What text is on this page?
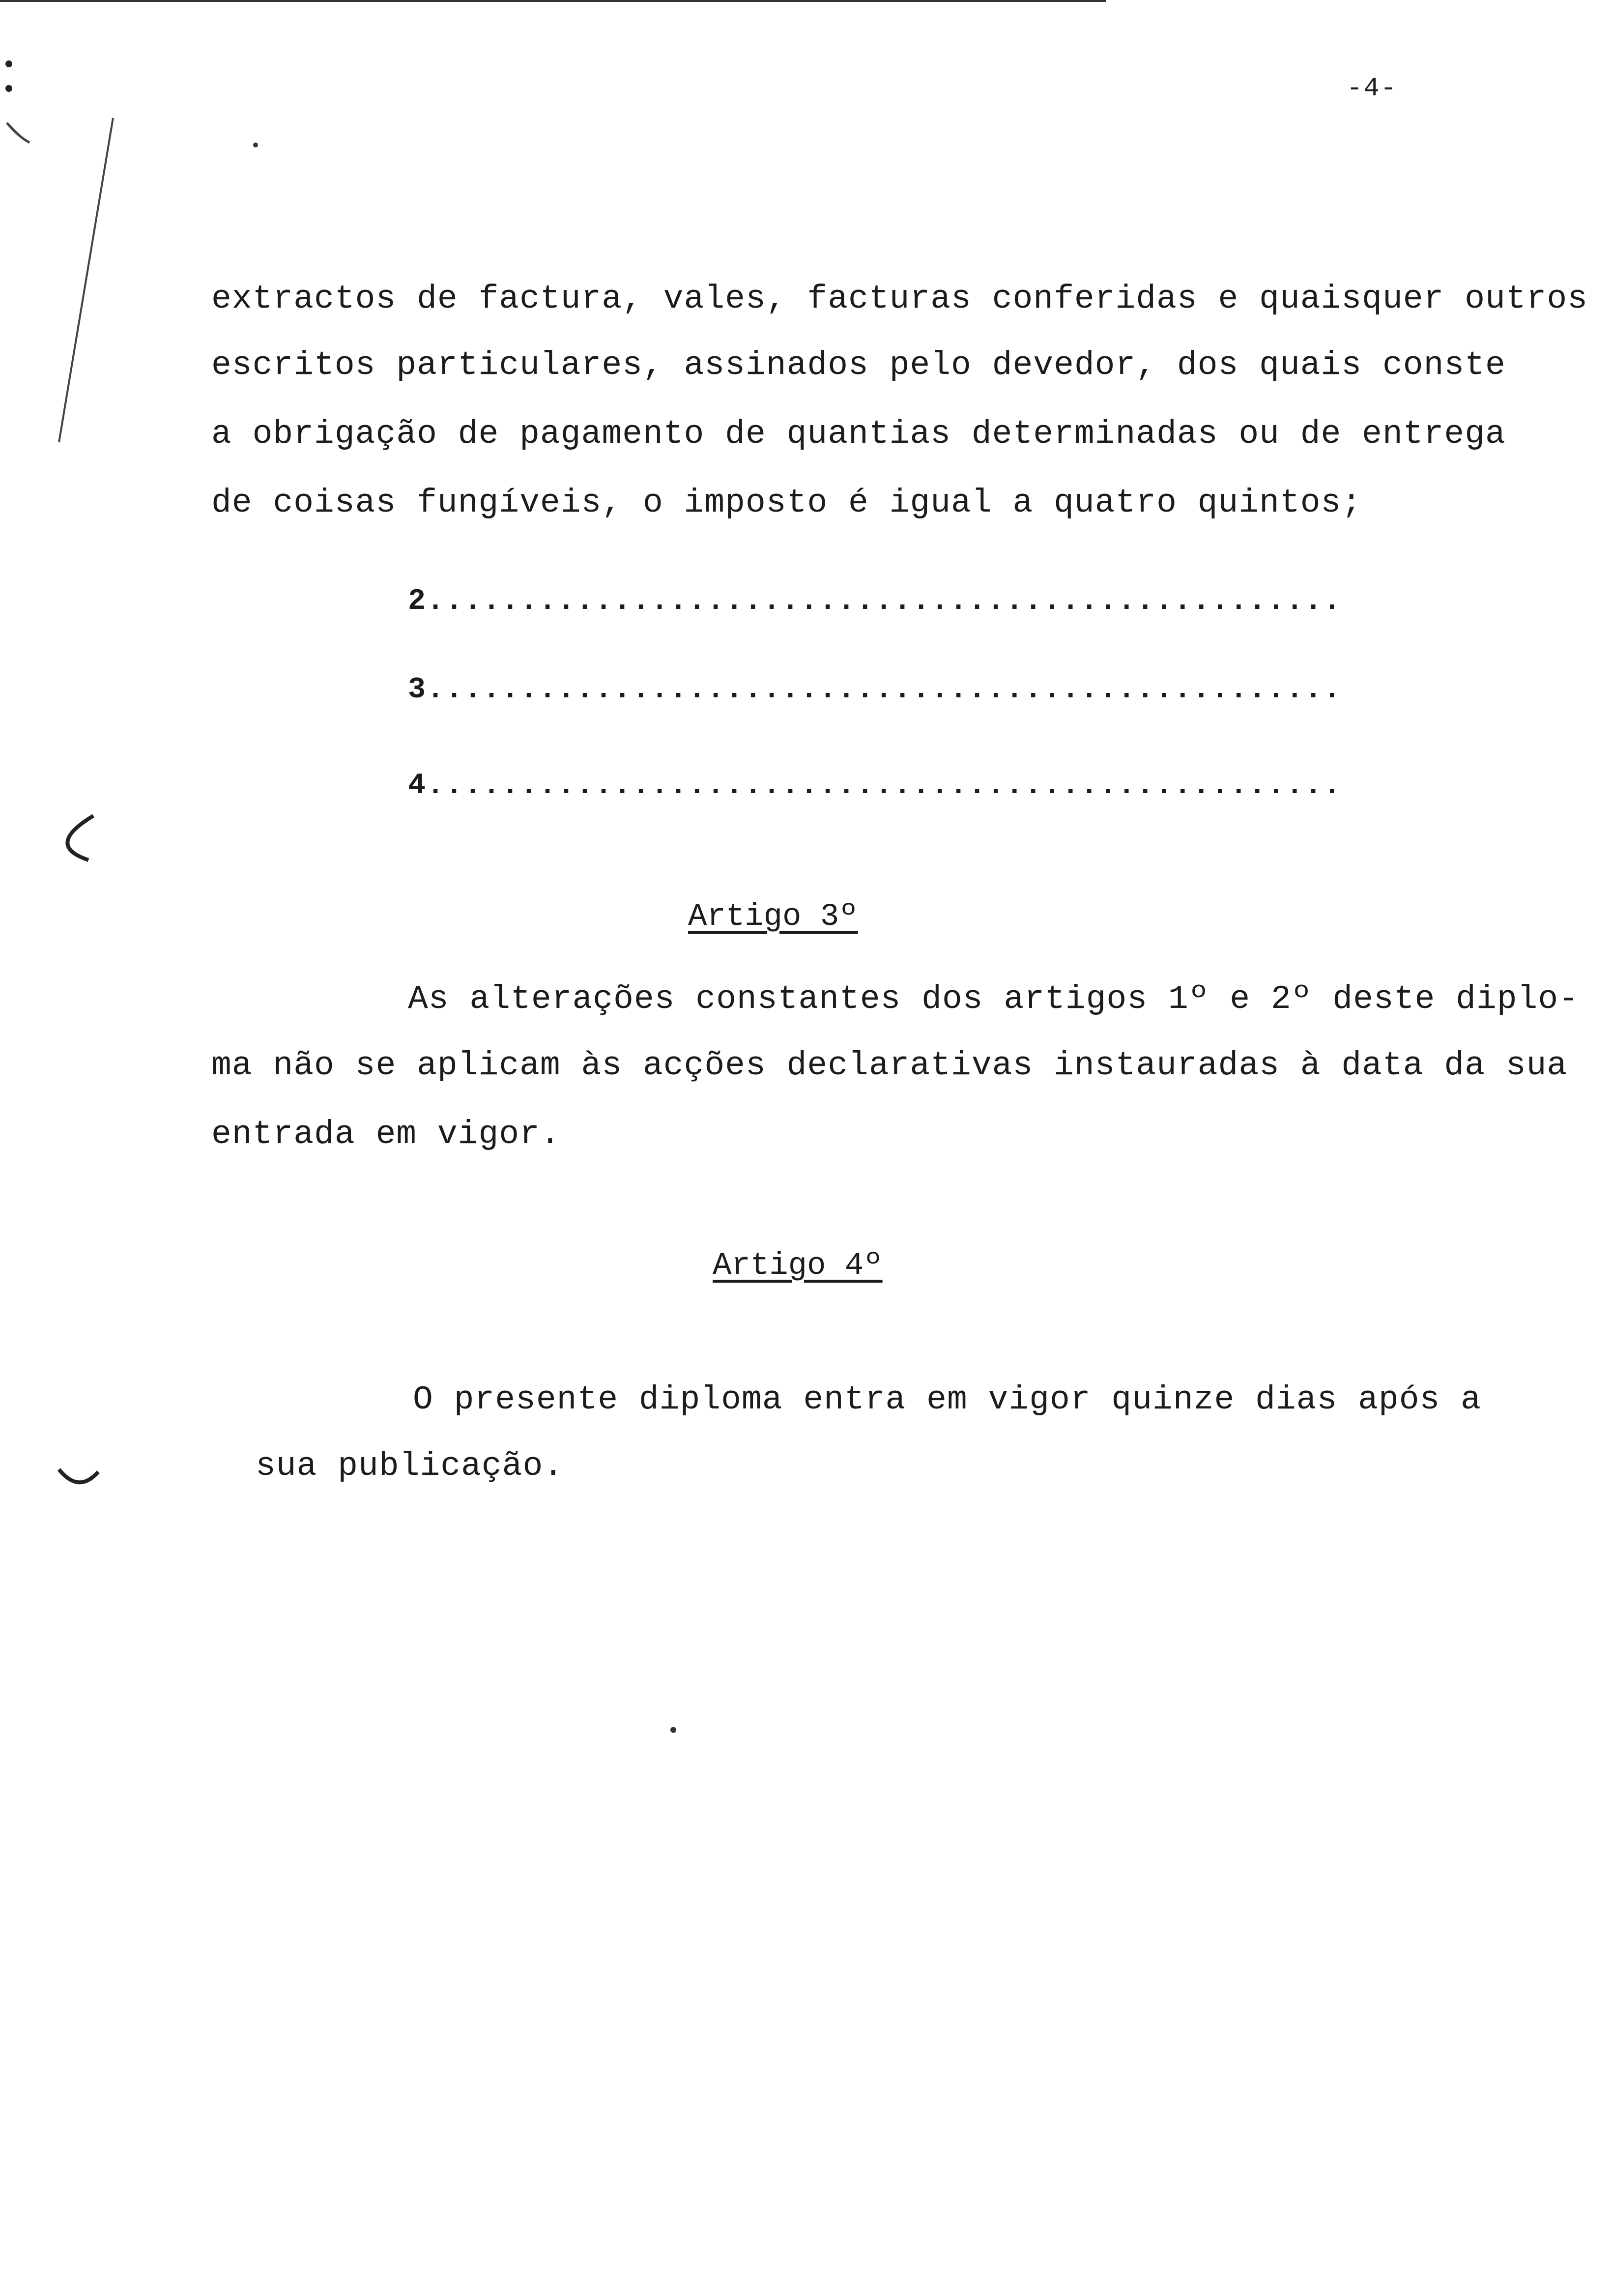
-4-
extractos de factura, vales, facturas conferidas e quaisquer outros
escritos particulares, assinados pelo devedor, dos quais conste
a obrigação de pagamento de quantias determinadas ou de entrega
de coisas fungíveis, o imposto é igual a quatro quintos;
2.................................................
3.................................................
4.................................................
Artigo 3º
As alterações constantes dos artigos 1º e 2º deste diplo-
ma não se aplicam às acções declarativas instauradas à data da sua
entrada em vigor.
Artigo 4º
O presente diploma entra em vigor quinze dias após a
sua publicação.
